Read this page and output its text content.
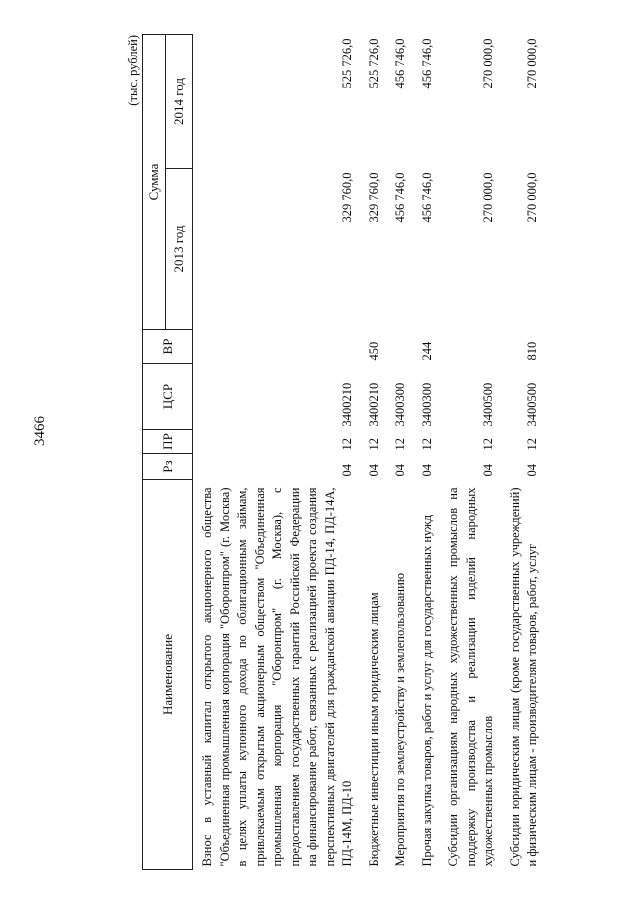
3466
(тыс. рублей)
Наименование	Рз	ПР	ЦСР	ВР	Сумма	
					2013 год	2014 год
Взнос в уставный капитал открытого акционерного общества "Объединенная промышленная корпорация "Оборонпром" (г. Москва) в целях уплаты купонного дохода по облигационным займам, привлекаемым открытым акционерным обществом "Объединенная промышленная корпорация "Оборонпром" (г. Москва), с предоставлением государственных гарантий Российской Федерации на финансирование работ, связанных с реализацией проекта создания перспективных двигателей для гражданской авиации ПД-14, ПД-14А, ПД-14М, ПД-10	04	12	3400210		329 760,0	525 726,0
Бюджетные инвестиции иным юридическим лицам	04	12	3400210	450	329 760,0	525 726,0
Мероприятия по землеустройству и землепользованию	04	12	3400300		456 746,0	456 746,0
Прочая закупка товаров, работ и услуг для государственных нужд	04	12	3400300	244	456 746,0	456 746,0
Субсидии организациям народных художественных промыслов на поддержку производства и реализации изделий народных художественных промыслов	04	12	3400500		270 000,0	270 000,0
Субсидии юридическим лицам (кроме государственных учреждений) и физическим лицам - производителям товаров, работ, услуг	04	12	3400500	810	270 000,0	270 000,0
